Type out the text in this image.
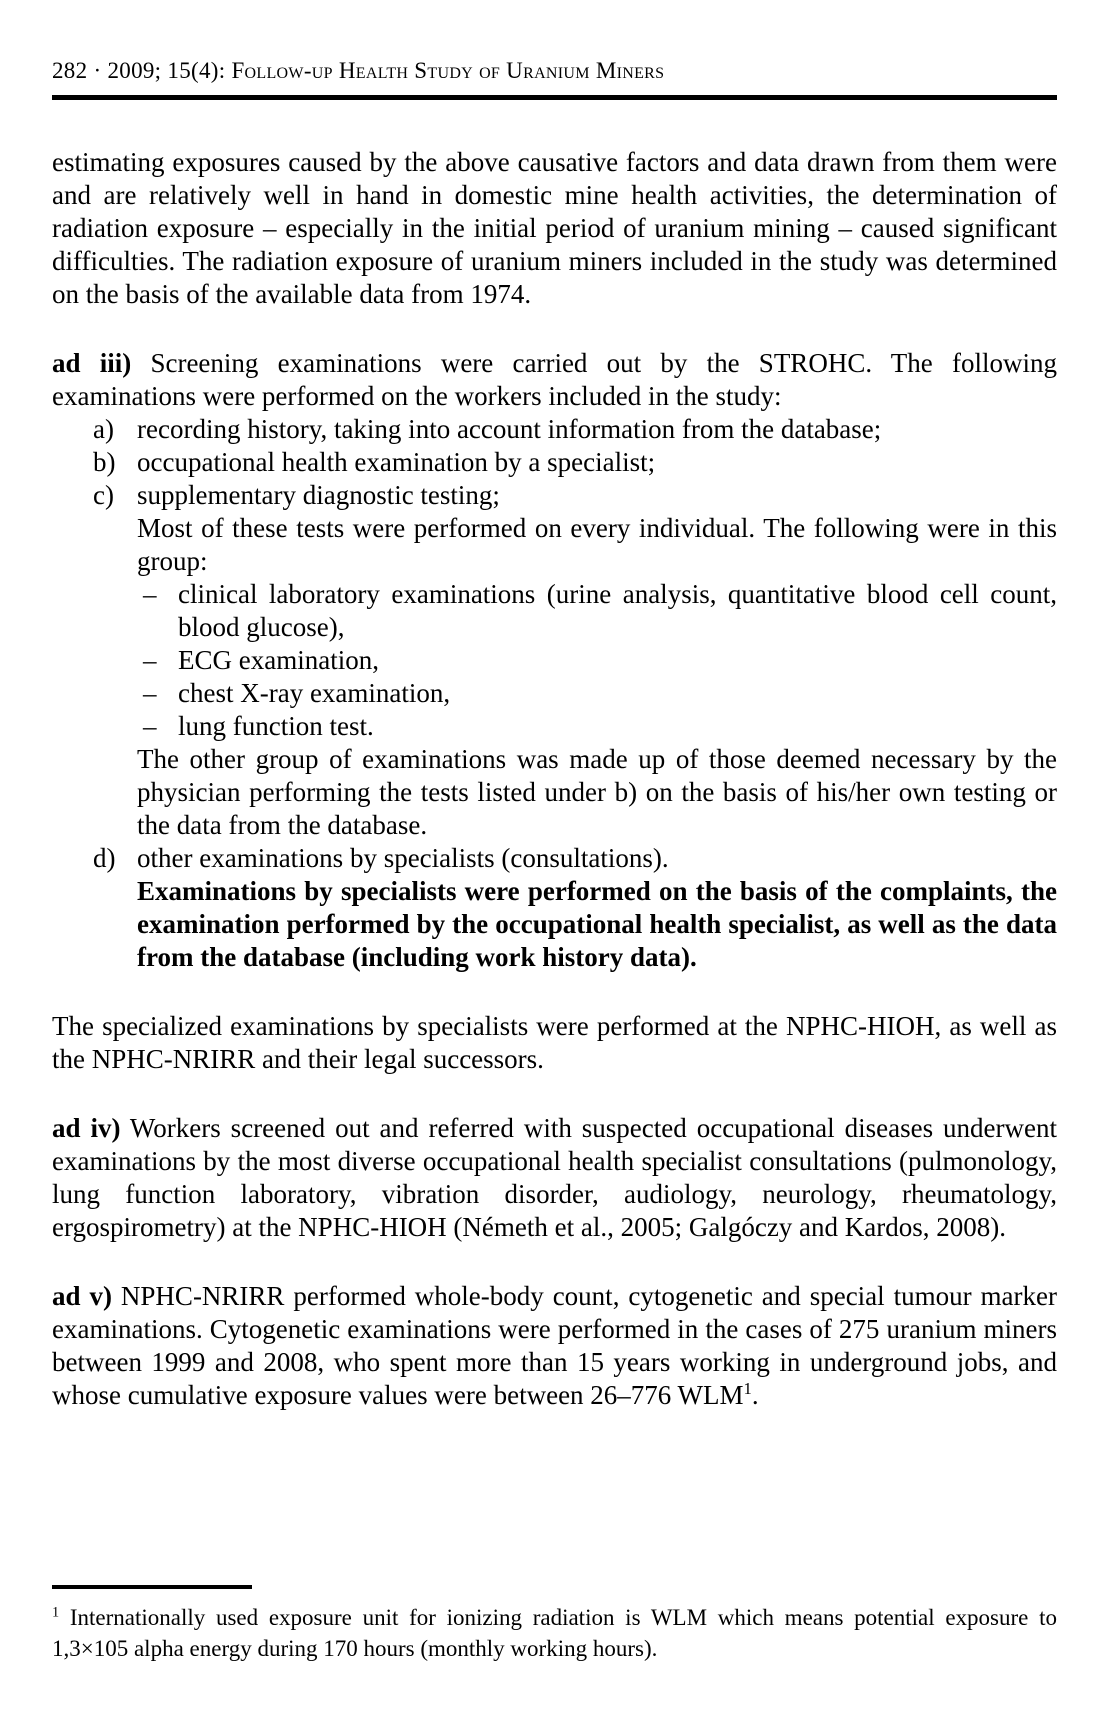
282 · 2009; 15(4): Follow-up Health Study of Uranium Miners

estimating exposures caused by the above causative factors and data drawn from them were and are relatively well in hand in domestic mine health activities, the determination of radiation exposure – especially in the initial period of uranium mining – caused significant difficulties. The radiation exposure of uranium miners included in the study was determined on the basis of the available data from 1974.

ad iii) Screening examinations were carried out by the STROHC. The following examinations were performed on the workers included in the study:

a) recording history, taking into account information from the database;
b) occupational health examination by a specialist;
c) supplementary diagnostic testing;
Most of these tests were performed on every individual. The following were in this group:
– clinical laboratory examinations (urine analysis, quantitative blood cell count, blood glucose),
– ECG examination,
– chest X-ray examination,
– lung function test.
The other group of examinations was made up of those deemed necessary by the physician performing the tests listed under b) on the basis of his/her own testing or the data from the database.
d) other examinations by specialists (consultations).
Examinations by specialists were performed on the basis of the complaints, the examination performed by the occupational health specialist, as well as the data from the database (including work history data).

The specialized examinations by specialists were performed at the NPHC-HIOH, as well as the NPHC-NRIRR and their legal successors.

ad iv) Workers screened out and referred with suspected occupational diseases underwent examinations by the most diverse occupational health specialist consultations (pulmonology, lung function laboratory, vibration disorder, audiology, neurology, rheumatology, ergospirometry) at the NPHC-HIOH (Németh et al., 2005; Galgóczy and Kardos, 2008).

ad v) NPHC-NRIRR performed whole-body count, cytogenetic and special tumour marker examinations. Cytogenetic examinations were performed in the cases of 275 uranium miners between 1999 and 2008, who spent more than 15 years working in underground jobs, and whose cumulative exposure values were between 26–776 WLM$^1$.

$^1$ Internationally used exposure unit for ionizing radiation is WLM which means potential exposure to 1,3×105 alpha energy during 170 hours (monthly working hours).
